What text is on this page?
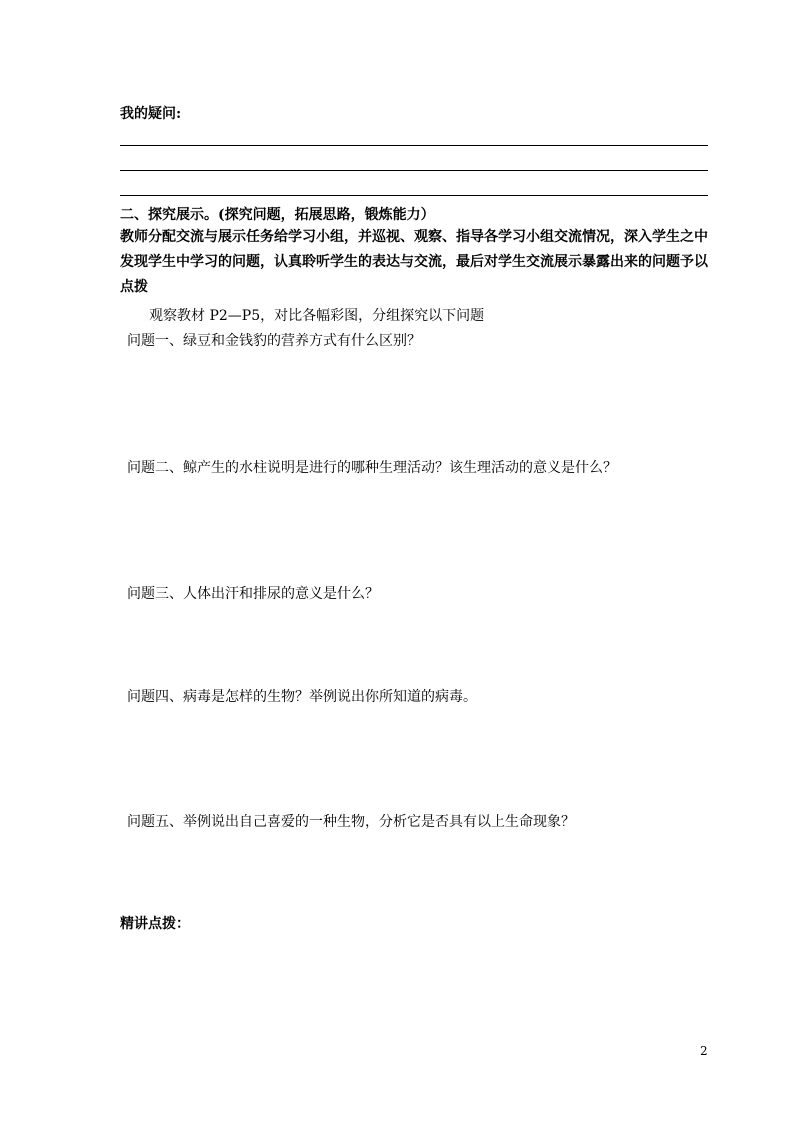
我的疑问:
二、探究展示。(探究问题，拓展思路，锻炼能力）
教师分配交流与展示任务给学习小组，并巡视、观察、指导各学习小组交流情况，深入学生之中
发现学生中学习的问题，认真聆听学生的表达与交流，最后对学生交流展示暴露出来的问题予以
点拨
观察教材 P2—P5，对比各幅彩图，分组探究以下问题
问题一、绿豆和金钱豹的营养方式有什么区别？
问题二、鲸产生的水柱说明是进行的哪种生理活动？该生理活动的意义是什么？
问题三、人体出汗和排尿的意义是什么？
问题四、病毒是怎样的生物？举例说出你所知道的病毒。
问题五、举例说出自己喜爱的一种生物，分析它是否具有以上生命现象？
精讲点拨：
2
